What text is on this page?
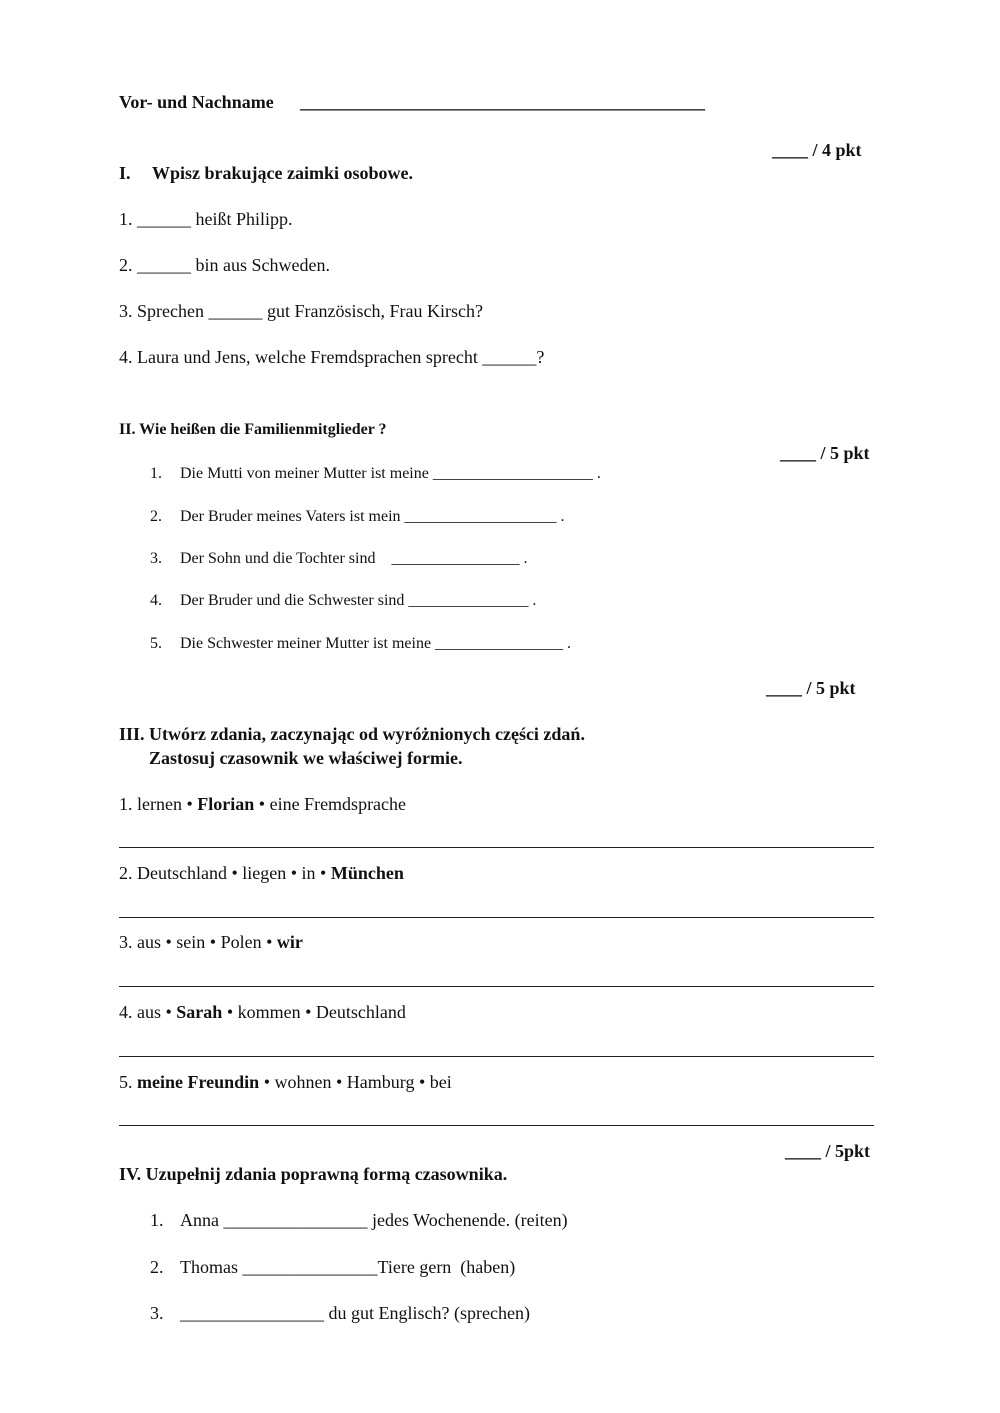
Vor- und Nachname _____________________________________________
____ / 4 pkt
I. Wpisz brakujące zaimki osobowe.
1. ______ heißt Philipp.
2. ______ bin aus Schweden.
3. Sprechen ______ gut Französisch, Frau Kirsch?
4. Laura und Jens, welche Fremdsprachen sprecht ______?
II. Wie heißen die Familienmitglieder ?
____ / 5 pkt
1. Die Mutti von meiner Mutter ist meine ____________________ .
2. Der Bruder meines Vaters ist mein ___________________ .
3. Der Sohn und die Tochter sind    ________________ .
4. Der Bruder und die Schwester sind _______________ .
5. Die Schwester meiner Mutter ist meine ________________ .
____ / 5 pkt
III. Utwórz zdania, zaczynając od wyróżnionych części zdań.
Zastosuj czasownik we właściwej formie.
1. lernen • Florian • eine Fremdsprache
2. Deutschland • liegen • in • München
3. aus • sein • Polen • wir
4. aus • Sarah • kommen • Deutschland
5. meine Freundin • wohnen • Hamburg • bei
____ / 5pkt
IV. Uzupełnij zdania poprawną formą czasownika.
1. Anna ________________ jedes Wochenende. (reiten)
2. Thomas _______________Tiere gern  (haben)
3. ________________ du gut Englisch? (sprechen)
